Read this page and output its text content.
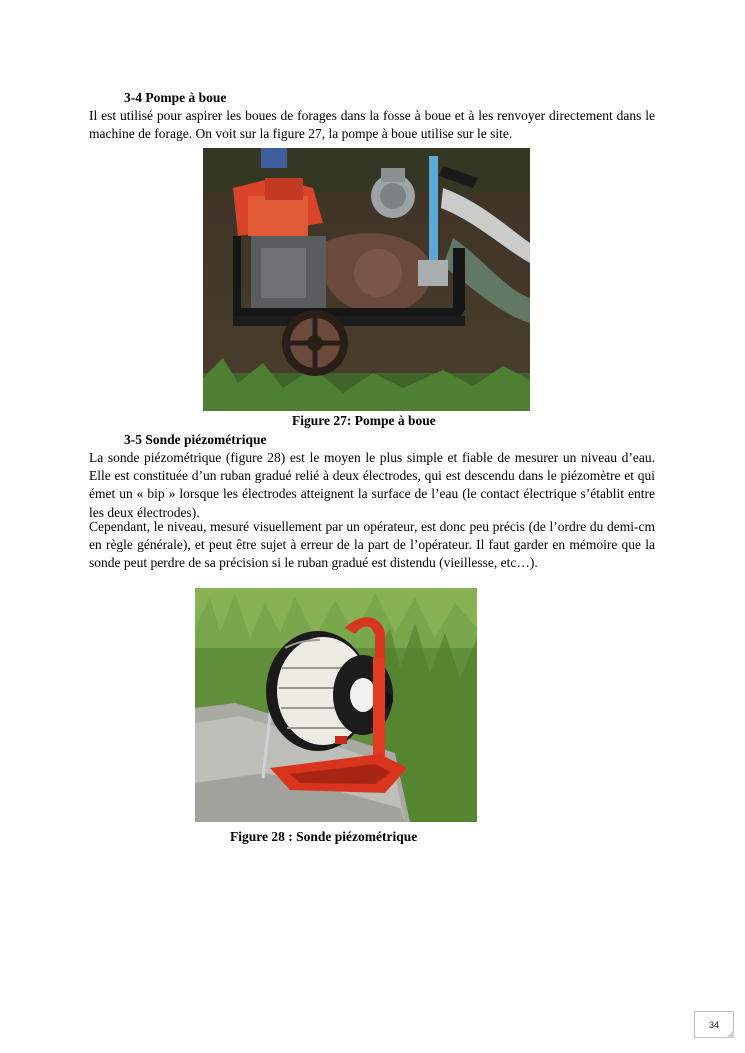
3-4 Pompe à boue
Il est utilisé pour aspirer les boues de forages dans la fosse à boue et à les renvoyer directement dans le machine de forage. On voit sur la figure 27, la pompe à boue utilise sur le site.
Figure 27: Pompe à boue
3-5 Sonde piézométrique
La sonde piézométrique (figure 28) est le moyen le plus simple et fiable de mesurer un niveau d’eau. Elle est constituée d’un ruban gradué relié à deux électrodes, qui est descendu dans le piézomètre et qui émet un « bip » lorsque les électrodes atteignent la surface de l’eau (le contact électrique s’établit entre les deux électrodes).
Cependant, le niveau, mesuré visuellement par un opérateur, est donc peu précis (de l’ordre du demi-cm en règle générale), et peut être sujet à erreur de la part de l’opérateur. Il faut garder en mémoire que la sonde peut perdre de sa précision si le ruban gradué est distendu (vieillesse, etc…).
Figure 28 : Sonde piézométrique
34
